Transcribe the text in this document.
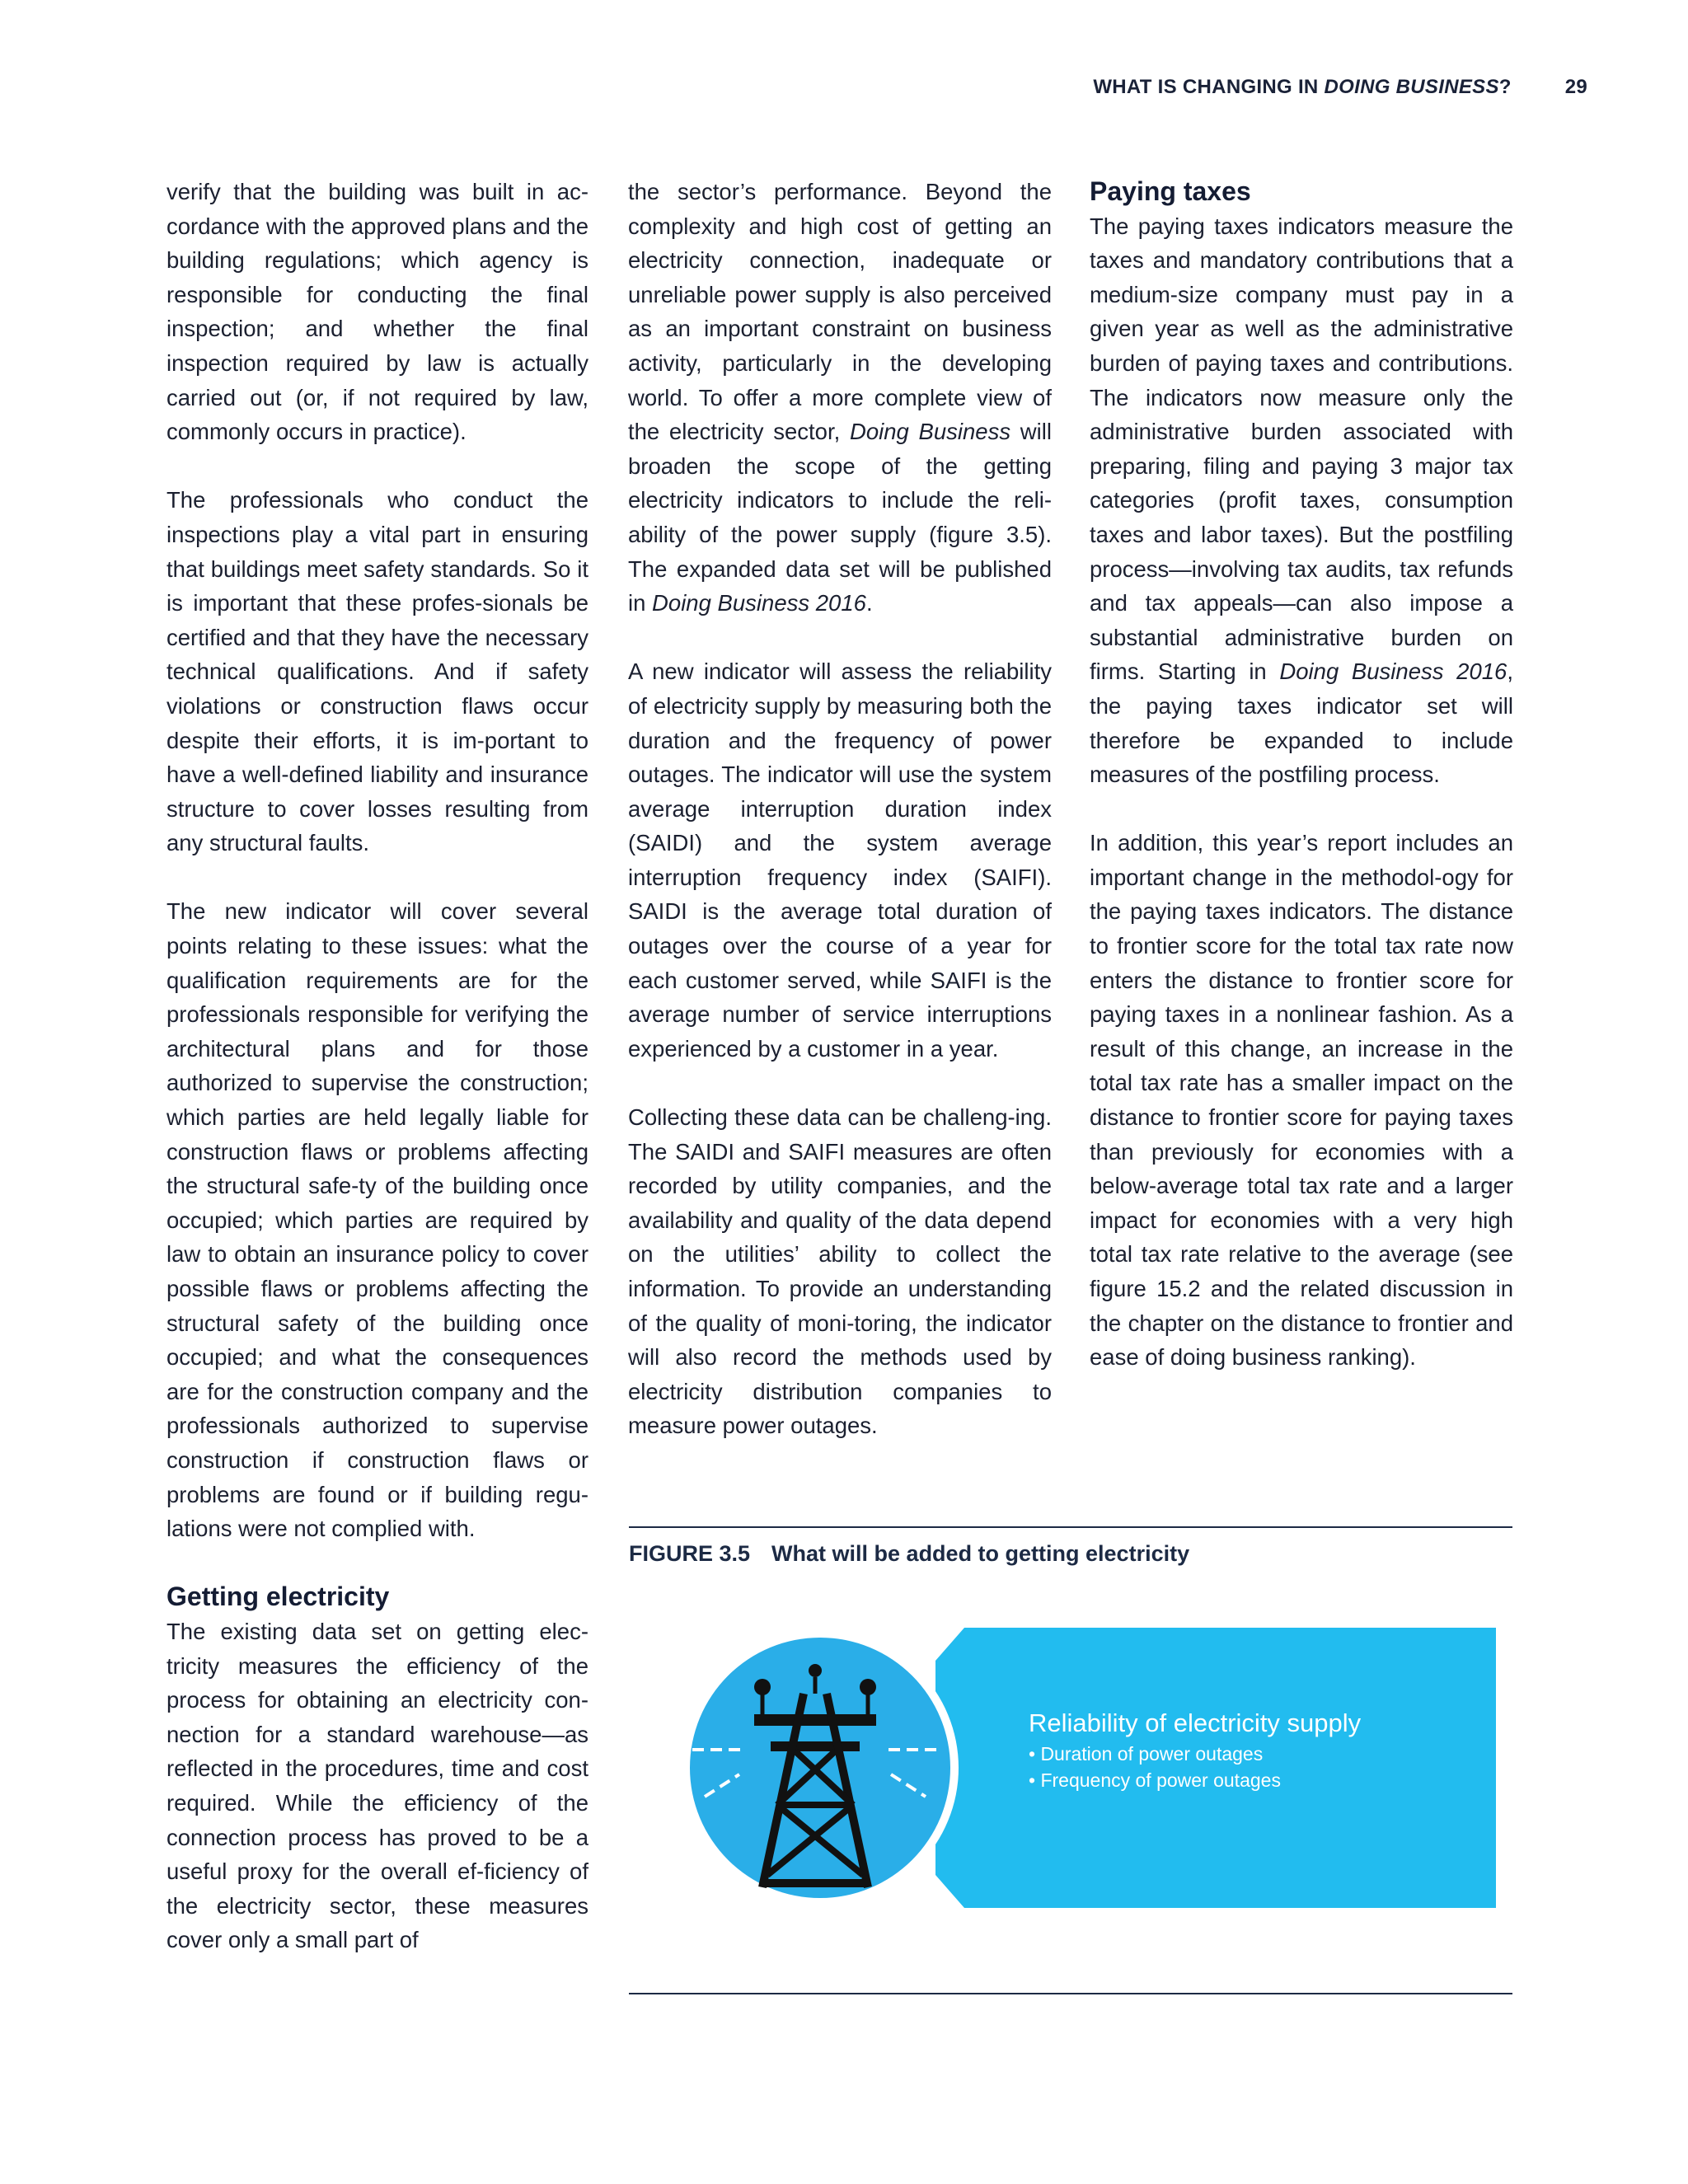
WHAT IS CHANGING IN DOING BUSINESS?	29

verify that the building was built in ac-cordance with the approved plans and the building regulations; which agency is responsible for conducting the final inspection; and whether the final inspection required by law is actually carried out (or, if not required by law, commonly occurs in practice).

The professionals who conduct the inspections play a vital part in ensuring that buildings meet safety standards. So it is important that these profes-sionals be certified and that they have the necessary technical qualifications. And if safety violations or construction flaws occur despite their efforts, it is im-portant to have a well-defined liability and insurance structure to cover losses resulting from any structural faults.

The new indicator will cover several points relating to these issues: what the qualification requirements are for the professionals responsible for verifying the architectural plans and for those authorized to supervise the construction; which parties are held legally liable for construction flaws or problems affecting the structural safe-ty of the building once occupied; which parties are required by law to obtain an insurance policy to cover possible flaws or problems affecting the structural safety of the building once occupied; and what the consequences are for the construction company and the professionals authorized to supervise construction if construction flaws or problems are found or if building regu-lations were not complied with.

Getting electricity

The existing data set on getting elec-tricity measures the efficiency of the process for obtaining an electricity con-nection for a standard warehouse—as reflected in the procedures, time and cost required. While the efficiency of the connection process has proved to be a useful proxy for the overall ef-ficiency of the electricity sector, these measures cover only a small part of

the sector’s performance. Beyond the complexity and high cost of getting an electricity connection, inadequate or unreliable power supply is also perceived as an important constraint on business activity, particularly in the developing world. To offer a more complete view of the electricity sector, Doing Business will broaden the scope of the getting electricity indicators to include the reli-ability of the power supply (figure 3.5). The expanded data set will be published in Doing Business 2016.

A new indicator will assess the reliability of electricity supply by measuring both the duration and the frequency of power outages. The indicator will use the system average interruption duration index (SAIDI) and the system average interruption frequency index (SAIFI). SAIDI is the average total duration of outages over the course of a year for each customer served, while SAIFI is the average number of service interruptions experienced by a customer in a year.

Collecting these data can be challeng-ing. The SAIDI and SAIFI measures are often recorded by utility companies, and the availability and quality of the data depend on the utilities’ ability to collect the information. To provide an understanding of the quality of moni-toring, the indicator will also record the methods used by electricity distribution companies to measure power outages.

Paying taxes

The paying taxes indicators measure the taxes and mandatory contributions that a medium-size company must pay in a given year as well as the administrative burden of paying taxes and contributions. The indicators now measure only the administrative burden associated with preparing, filing and paying 3 major tax categories (profit taxes, consumption taxes and labor taxes). But the postfiling process—involving tax audits, tax refunds and tax appeals—can also impose a substantial administrative burden on firms. Starting in Doing Business 2016, the paying taxes indicator set will therefore be expanded to include measures of the postfiling process.

In addition, this year’s report includes an important change in the methodol-ogy for the paying taxes indicators. The distance to frontier score for the total tax rate now enters the distance to frontier score for paying taxes in a nonlinear fashion. As a result of this change, an increase in the total tax rate has a smaller impact on the distance to frontier score for paying taxes than previously for economies with a below-average total tax rate and a larger impact for economies with a very high total tax rate relative to the average (see figure 15.2 and the related discussion in the chapter on the distance to frontier and ease of doing business ranking).

FIGURE 3.5 What will be added to getting electricity
Reliability of electricity supply
• Duration of power outages
• Frequency of power outages
